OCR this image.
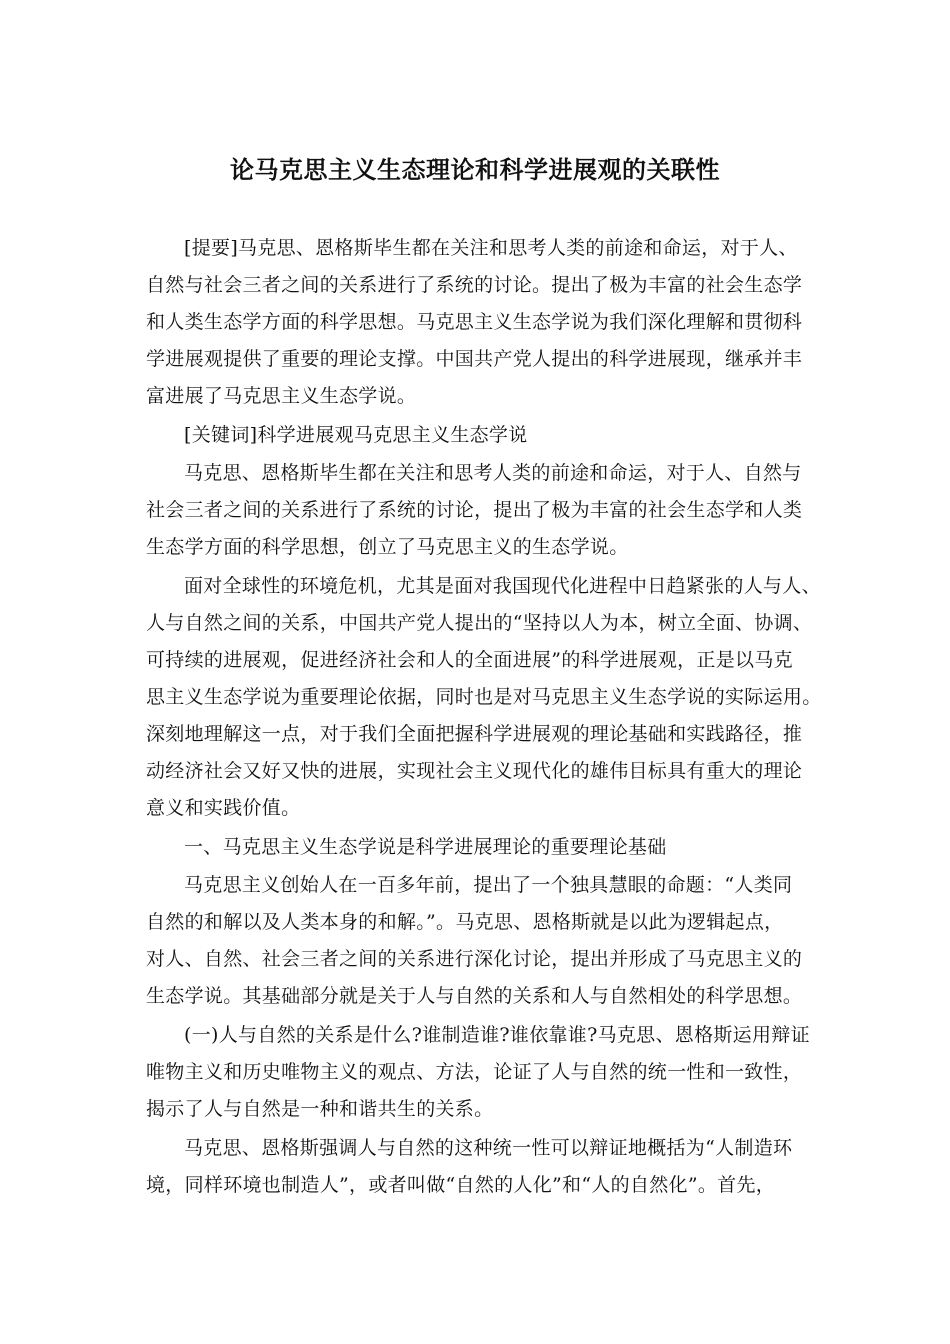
论马克思主义生态理论和科学进展观的关联性
[提要]马克思、恩格斯毕生都在关注和思考人类的前途和命运，对于人、
自然与社会三者之间的关系进行了系统的讨论。提出了极为丰富的社会生态学
和人类生态学方面的科学思想。马克思主义生态学说为我们深化理解和贯彻科
学进展观提供了重要的理论支撑。中国共产党人提出的科学进展现，继承并丰
富进展了马克思主义生态学说。
[关键词]科学进展观马克思主义生态学说
马克思、恩格斯毕生都在关注和思考人类的前途和命运，对于人、自然与
社会三者之间的关系进行了系统的讨论，提出了极为丰富的社会生态学和人类
生态学方面的科学思想，创立了马克思主义的生态学说。
面对全球性的环境危机，尤其是面对我国现代化进程中日趋紧张的人与人、
人与自然之间的关系，中国共产党人提出的“坚持以人为本，树立全面、协调、
可持续的进展观，促进经济社会和人的全面进展”的科学进展观，正是以马克
思主义生态学说为重要理论依据，同时也是对马克思主义生态学说的实际运用。
深刻地理解这一点，对于我们全面把握科学进展观的理论基础和实践路径，推
动经济社会又好又快的进展，实现社会主义现代化的雄伟目标具有重大的理论
意义和实践价值。
一、马克思主义生态学说是科学进展理论的重要理论基础
马克思主义创始人在一百多年前，提出了一个独具慧眼的命题：“人类同
自然的和解以及人类本身的和解。”。马克思、恩格斯就是以此为逻辑起点，
对人、自然、社会三者之间的关系进行深化讨论，提出并形成了马克思主义的
生态学说。其基础部分就是关于人与自然的关系和人与自然相处的科学思想。
(一)人与自然的关系是什么?谁制造谁?谁依靠谁?马克思、恩格斯运用辩证
唯物主义和历史唯物主义的观点、方法，论证了人与自然的统一性和一致性，
揭示了人与自然是一种和谐共生的关系。
马克思、恩格斯强调人与自然的这种统一性可以辩证地概括为“人制造环
境，同样环境也制造人”，或者叫做“自然的人化”和“人的自然化”。首先，
